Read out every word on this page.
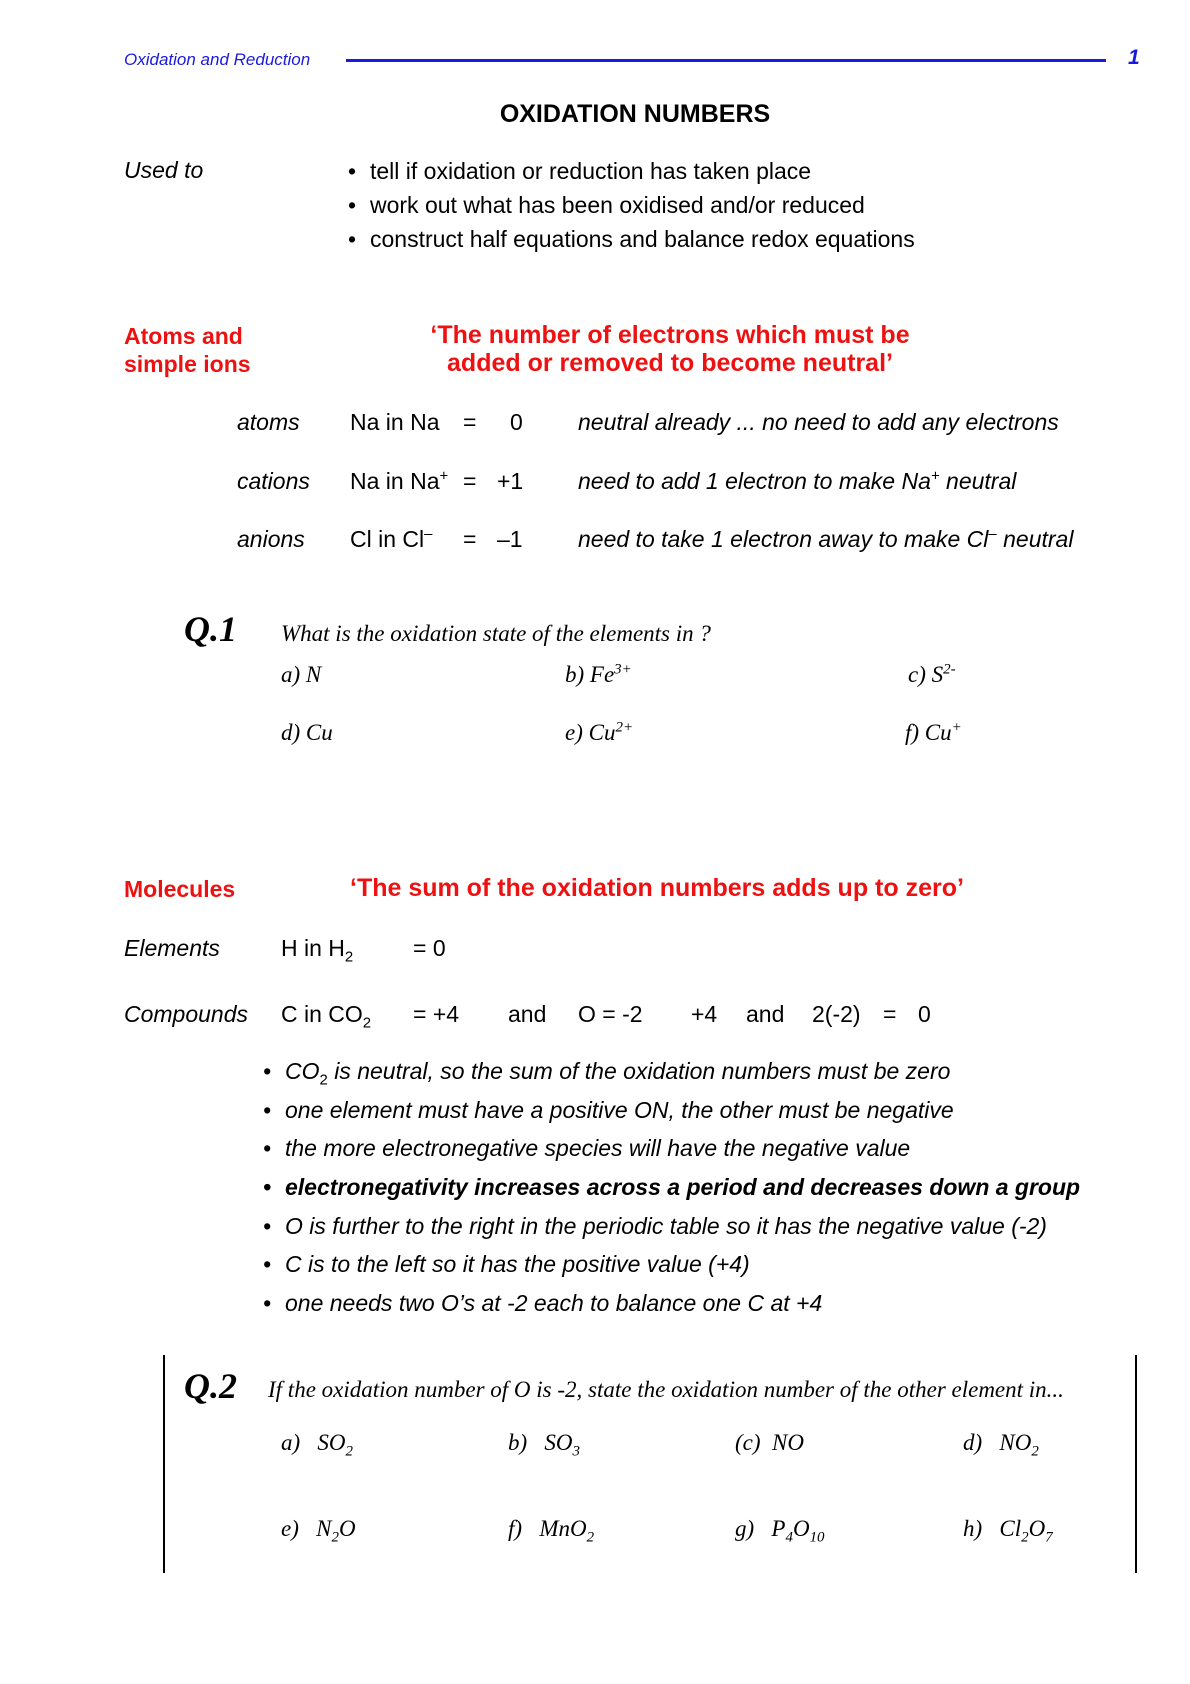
Oxidation and Reduction	1
OXIDATION NUMBERS
Used to
•	tell if oxidation or reduction has taken place
• work out what has been oxidised and/or reduced
• construct half equations and balance redox equations
Atoms and
simple ions
‘The number of electrons which must be
added or removed to become neutral’
atoms Na in Na = 0 neutral already ... no need to add any electrons
cations Na in Na+ = +1 need to add 1 electron to make Na+ neutral
anions Cl in Cl– = –1 need to take 1 electron away to make Cl– neutral
Q.1 What is the oxidation state of the elements in ?
a) N	b) $Fe^{3+}$	c) $S^{2-}$
d) Cu	e) $Cu^{2+}$	f) Cu+
Molecules	‘The sum of the oxidation numbers adds up to zero’
Elements	H in $H_2$	= 0
Compounds C in $CO_2 = +4$ and O = -2 +4 and 2(-2) = 0
• $CO_2$ is neutral, so the sum of the oxidation numbers must be zero
• one element must have a positive ON, the other must be negative
• the more electronegative species will have the negative value
• electronegativity increases across a period and decreases down a group
• O is further to the right in the periodic table so it has the negative value (-2)
• C is to the left so it has the positive value (+4)
• one needs two O’s at -2 each to balance one C at +4
Q.2 If the oxidation number of O is -2, state the oxidation number of the other element in...
a) $SO_2$	b) $SO_3$	(c) NO	d) $NO_2$
e) $N_2O$	f) MnO$_2$	g) $P_4O_{10}$	h) $Cl_2O_7$
